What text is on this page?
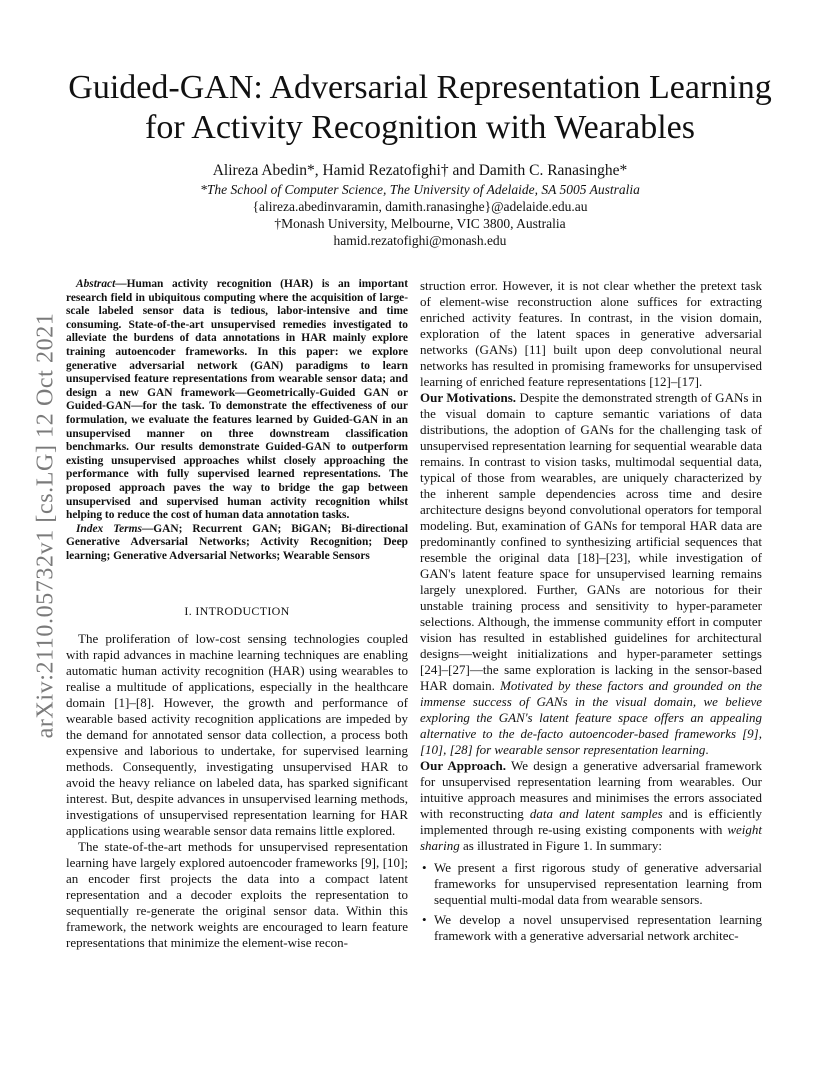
arXiv:2110.05732v1 [cs.LG] 12 Oct 2021
Guided-GAN: Adversarial Representation Learning for Activity Recognition with Wearables
Alireza Abedin*, Hamid Rezatofighi† and Damith C. Ranasinghe*
*The School of Computer Science, The University of Adelaide, SA 5005 Australia
{alireza.abedinvaramin, damith.ranasinghe}@adelaide.edu.au
†Monash University, Melbourne, VIC 3800, Australia
hamid.rezatofighi@monash.edu

Abstract—Human activity recognition (HAR) is an important research field in ubiquitous computing where the acquisition of large-scale labeled sensor data is tedious, labor-intensive and time consuming. State-of-the-art unsupervised remedies investigated to alleviate the burdens of data annotations in HAR mainly explore training autoencoder frameworks. In this paper: we explore generative adversarial network (GAN) paradigms to learn unsupervised feature representations from wearable sensor data; and design a new GAN framework—Geometrically-Guided GAN or Guided-GAN—for the task. To demonstrate the effectiveness of our formulation, we evaluate the features learned by Guided-GAN in an unsupervised manner on three downstream classification benchmarks. Our results demonstrate Guided-GAN to outperform existing unsupervised approaches whilst closely approaching the performance with fully supervised learned representations. The proposed approach paves the way to bridge the gap between unsupervised and supervised human activity recognition whilst helping to reduce the cost of human data annotation tasks.

Index Terms—GAN; Recurrent GAN; BiGAN; Bi-directional Generative Adversarial Networks; Activity Recognition; Deep learning; Generative Adversarial Networks; Wearable Sensors

I. INTRODUCTION

The proliferation of low-cost sensing technologies coupled with rapid advances in machine learning techniques are enabling automatic human activity recognition (HAR) using wearables to realise a multitude of applications, especially in the healthcare domain [1]–[8]. However, the growth and performance of wearable based activity recognition applications are impeded by the demand for annotated sensor data collection, a process both expensive and laborious to undertake, for supervised learning methods. Consequently, investigating unsupervised HAR to avoid the heavy reliance on labeled data, has sparked significant interest. But, despite advances in unsupervised learning methods, investigations of unsupervised representation learning for HAR applications using wearable sensor data remains little explored.

The state-of-the-art methods for unsupervised representation learning have largely explored autoencoder frameworks [9], [10]; an encoder first projects the data into a compact latent representation and a decoder exploits the representation to sequentially re-generate the original sensor data. Within this framework, the network weights are encouraged to learn feature representations that minimize the element-wise recon-

struction error. However, it is not clear whether the pretext task of element-wise reconstruction alone suffices for extracting enriched activity features. In contrast, in the vision domain, exploration of the latent spaces in generative adversarial networks (GANs) [11] built upon deep convolutional neural networks has resulted in promising frameworks for unsupervised learning of enriched feature representations [12]–[17].

Our Motivations. Despite the demonstrated strength of GANs in the visual domain to capture semantic variations of data distributions, the adoption of GANs for the challenging task of unsupervised representation learning for sequential wearable data remains. In contrast to vision tasks, multimodal sequential data, typical of those from wearables, are uniquely characterized by the inherent sample dependencies across time and desire architecture designs beyond convolutional operators for temporal modeling. But, examination of GANs for temporal HAR data are predominantly confined to synthesizing artificial sequences that resemble the original data [18]–[23], while investigation of GAN's latent feature space for unsupervised learning remains largely unexplored. Further, GANs are notorious for their unstable training process and sensitivity to hyper-parameter selections. Although, the immense community effort in computer vision has resulted in established guidelines for architectural designs—weight initializations and hyper-parameter settings [24]–[27]—the same exploration is lacking in the sensor-based HAR domain. Motivated by these factors and grounded on the immense success of GANs in the visual domain, we believe exploring the GAN's latent feature space offers an appealing alternative to the de-facto autoencoder-based frameworks [9], [10], [28] for wearable sensor representation learning.

Our Approach. We design a generative adversarial framework for unsupervised representation learning from wearables. Our intuitive approach measures and minimises the errors associated with reconstructing data and latent samples and is efficiently implemented through re-using existing components with weight sharing as illustrated in Figure 1. In summary:

• We present a first rigorous study of generative adversarial frameworks for unsupervised representation learning from sequential multi-modal data from wearable sensors.
• We develop a novel unsupervised representation learning framework with a generative adversarial network architec-
